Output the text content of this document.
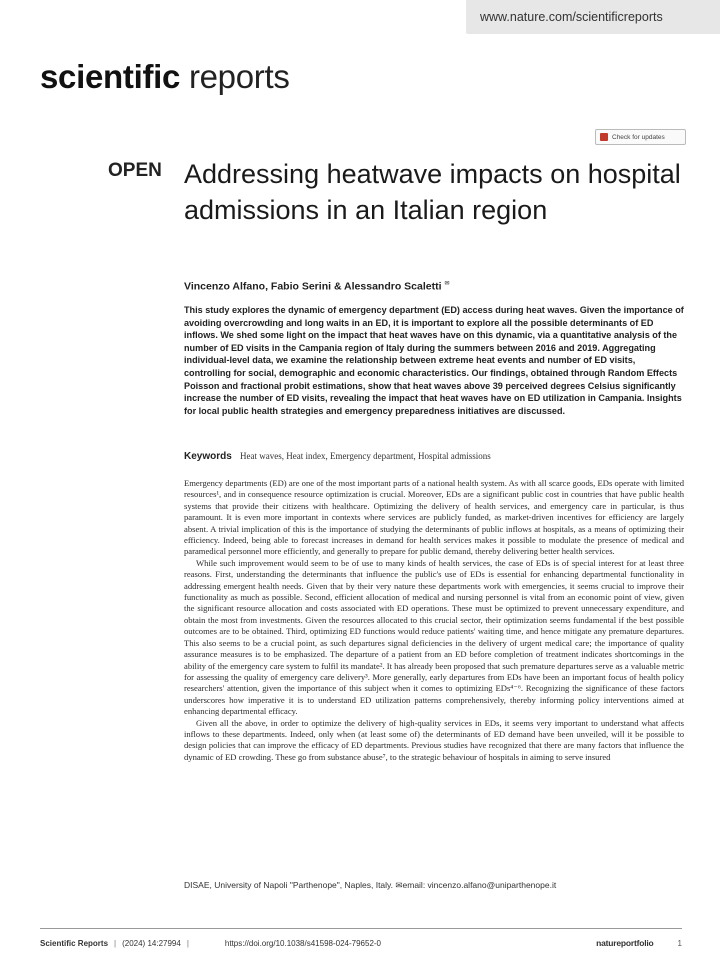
www.nature.com/scientificreports
scientific reports
Check for updates
OPEN Addressing heatwave impacts on hospital admissions in an Italian region
Vincenzo Alfano, Fabio Serini & Alessandro Scaletti ✉
This study explores the dynamic of emergency department (ED) access during heat waves. Given the importance of avoiding overcrowding and long waits in an ED, it is important to explore all the possible determinants of ED inflows. We shed some light on the impact that heat waves have on this dynamic, via a quantitative analysis of the number of ED visits in the Campania region of Italy during the summers between 2016 and 2019. Aggregating individual-level data, we examine the relationship between extreme heat events and number of ED visits, controlling for social, demographic and economic characteristics. Our findings, obtained through Random Effects Poisson and fractional probit estimations, show that heat waves above 39 perceived degrees Celsius significantly increase the number of ED visits, revealing the impact that heat waves have on ED utilization in Campania. Insights for local public health strategies and emergency preparedness initiatives are discussed.
Keywords Heat waves, Heat index, Emergency department, Hospital admissions

Emergency departments (ED) are one of the most important parts of a national health system. As with all scarce goods, EDs operate with limited resources¹, and in consequence resource optimization is crucial. Moreover, EDs are a significant public cost in countries that have public health systems that provide their citizens with healthcare. Optimizing the delivery of health services, and emergency care in particular, is thus paramount. It is even more important in contexts where services are publicly funded, as market-driven incentives for efficiency are largely absent. A trivial implication of this is the importance of studying the determinants of public inflows at hospitals, as a means of optimizing their efficiency. Indeed, being able to forecast increases in demand for health services makes it possible to modulate the presence of medical and paramedical personnel more efficiently, and generally to prepare for public demand, thereby delivering better health services.

While such improvement would seem to be of use to many kinds of health services, the case of EDs is of special interest for at least three reasons. First, understanding the determinants that influence the public's use of EDs is essential for enhancing departmental functionality in addressing emergent health needs. Given that by their very nature these departments work with emergencies, it seems crucial to improve their functionality as much as possible. Second, efficient allocation of medical and nursing personnel is vital from an economic point of view, given the significant resource allocation and costs associated with ED operations. These must be optimized to prevent unnecessary expenditure, and obtain the most from investments. Given the resources allocated to this crucial sector, their optimization seems fundamental if the best possible outcomes are to be obtained. Third, optimizing ED functions would reduce patients' waiting time, and hence mitigate any premature departures. This also seems to be a crucial point, as such departures signal deficiencies in the delivery of urgent medical care; the importance of quality assurance measures is to be emphasized. The departure of a patient from an ED before completion of treatment indicates shortcomings in the ability of the emergency care system to fulfil its mandate². It has already been proposed that such premature departures serve as a valuable metric for assessing the quality of emergency care delivery³. More generally, early departures from EDs have been an important focus of health policy researchers' attention, given the importance of this subject when it comes to optimizing EDs⁴⁻⁶. Recognizing the significance of these factors underscores how imperative it is to understand ED utilization patterns comprehensively, thereby informing policy interventions aimed at enhancing departmental efficacy.

Given all the above, in order to optimize the delivery of high-quality services in EDs, it seems very important to understand what affects inflows to these departments. Indeed, only when (at least some of) the determinants of ED demand have been unveiled, will it be possible to design policies that can improve the efficacy of ED departments. Previous studies have recognized that there are many factors that influence the dynamic of ED crowding. These go from substance abuse⁷, to the strategic behaviour of hospitals in aiming to serve insured

DISAE, University of Napoli "Parthenope", Naples, Italy. ✉email: vincenzo.alfano@uniparthenope.it
Scientific Reports | (2024) 14:27994 |	https://doi.org/10.1038/s41598-024-79652-0	natureportfolio	1
